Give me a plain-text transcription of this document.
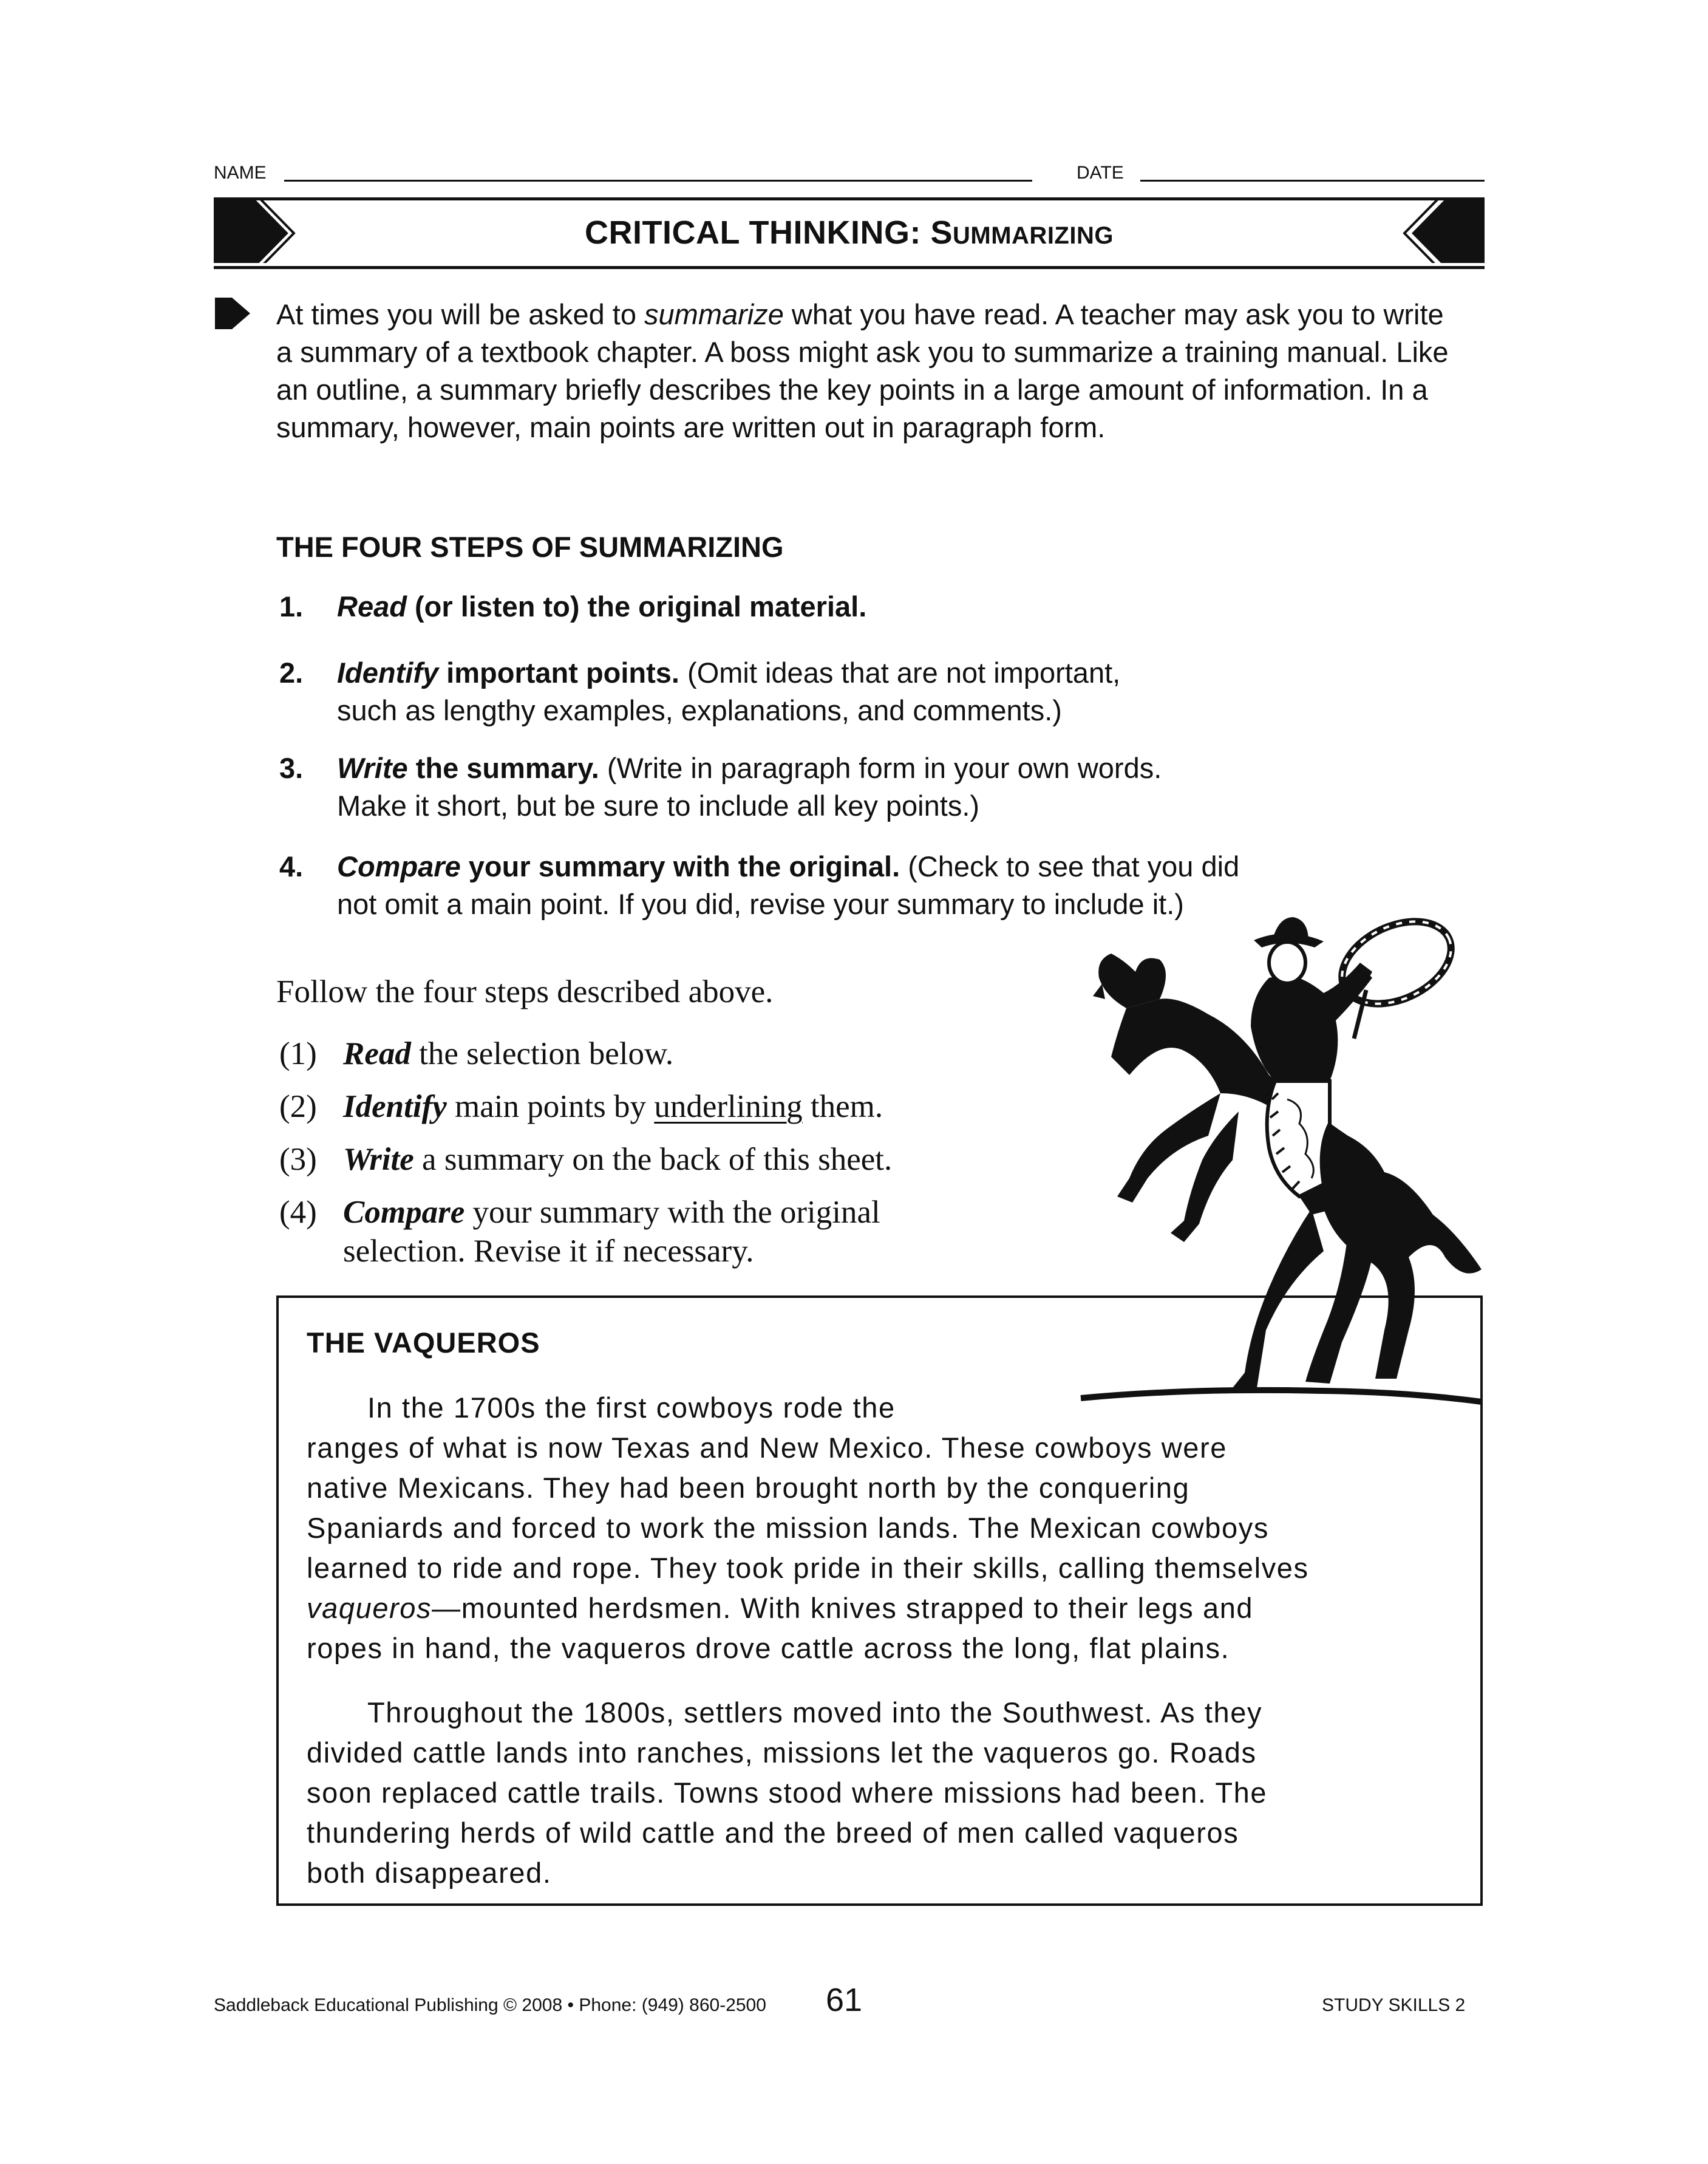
NAME	DATE
CRITICAL THINKING: SUMMARIZING
At times you will be asked to summarize what you have read. A teacher may ask you to write a summary of a textbook chapter. A boss might ask you to summarize a training manual. Like an outline, a summary briefly describes the key points in a large amount of information. In a summary, however, main points are written out in paragraph form.
THE FOUR STEPS OF SUMMARIZING
1. Read (or listen to) the original material.
2. Identify important points. (Omit ideas that are not important,
such as lengthy examples, explanations, and comments.)
3. Write the summary. (Write in paragraph form in your own words.
Make it short, but be sure to include all key points.)
4. Compare your summary with the original. (Check to see that you did
not omit a main point. If you did, revise your summary to include it.)
Follow the four steps described above.
(1) Read the selection below.
(2) Identify main points by underlining them.
(3) Write a summary on the back of this sheet.
(4) Compare your summary with the original
selection. Revise it if necessary.
THE VAQUEROS
In the 1700s the first cowboys rode the
ranges of what is now Texas and New Mexico. These cowboys were
native Mexicans. They had been brought north by the conquering
Spaniards and forced to work the mission lands. The Mexican cowboys
learned to ride and rope. They took pride in their skills, calling themselves
vaqueros—mounted herdsmen. With knives strapped to their legs and
ropes in hand, the vaqueros drove cattle across the long, flat plains.
Throughout the 1800s, settlers moved into the Southwest. As they
divided cattle lands into ranches, missions let the vaqueros go. Roads
soon replaced cattle trails. Towns stood where missions had been. The
thundering herds of wild cattle and the breed of men called vaqueros
both disappeared.
Saddleback Educational Publishing © 2008 • Phone: (949) 860-2500 61	STUDY SKILLS 2
